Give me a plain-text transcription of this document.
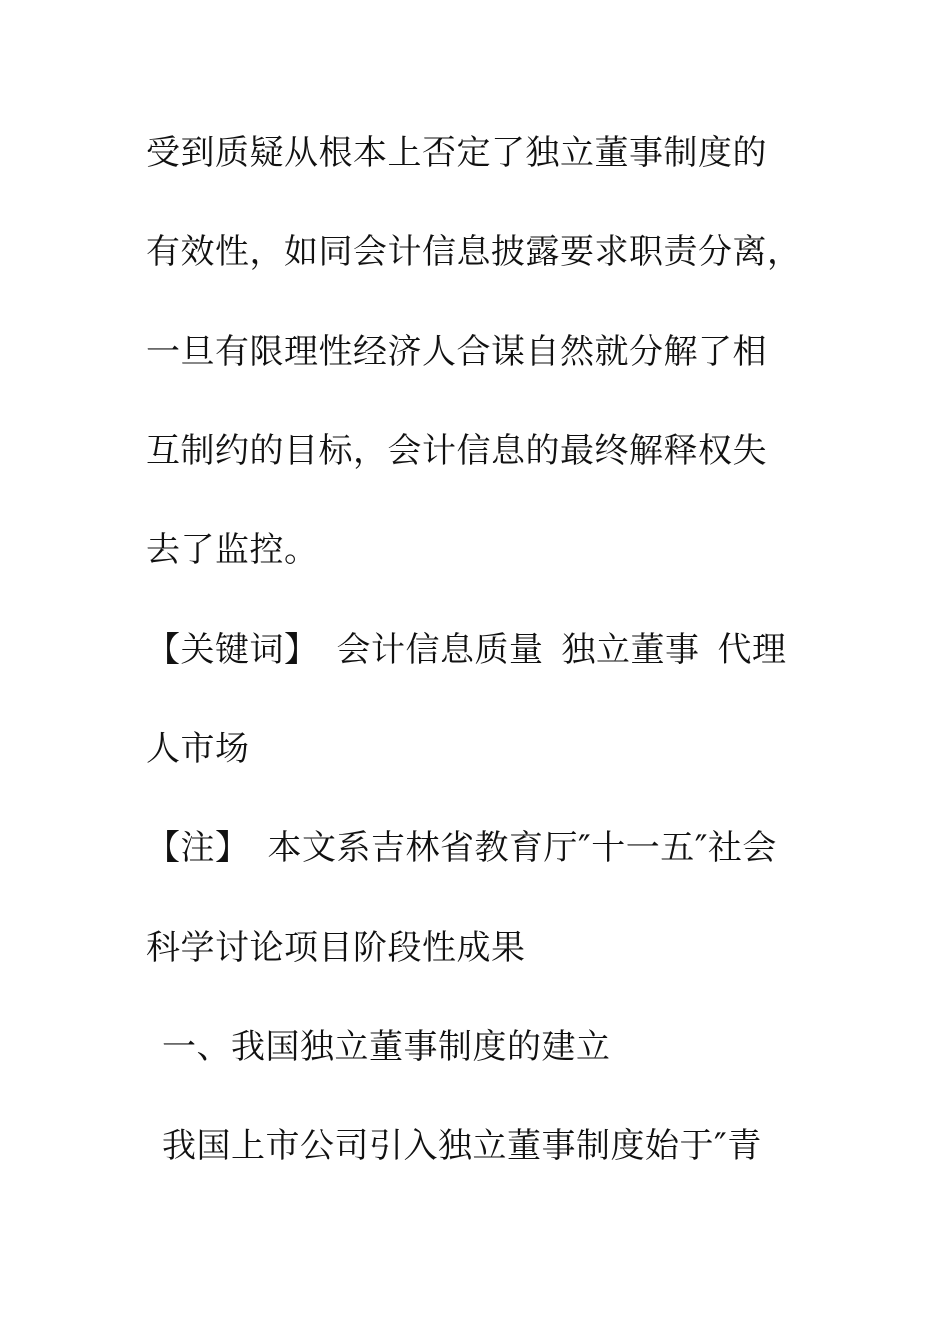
受到质疑从根本上否定了独立董事制度的
有效性，如同会计信息披露要求职责分离，
一旦有限理性经济人合谋自然就分解了相
互制约的目标，会计信息的最终解释权失
去了监控。
【关键词】 会计信息质量 独立董事 代理
人市场
【注】 本文系吉林省教育厅″十一五″社会
科学讨论项目阶段性成果
一、我国独立董事制度的建立
我国上市公司引入独立董事制度始于″青
